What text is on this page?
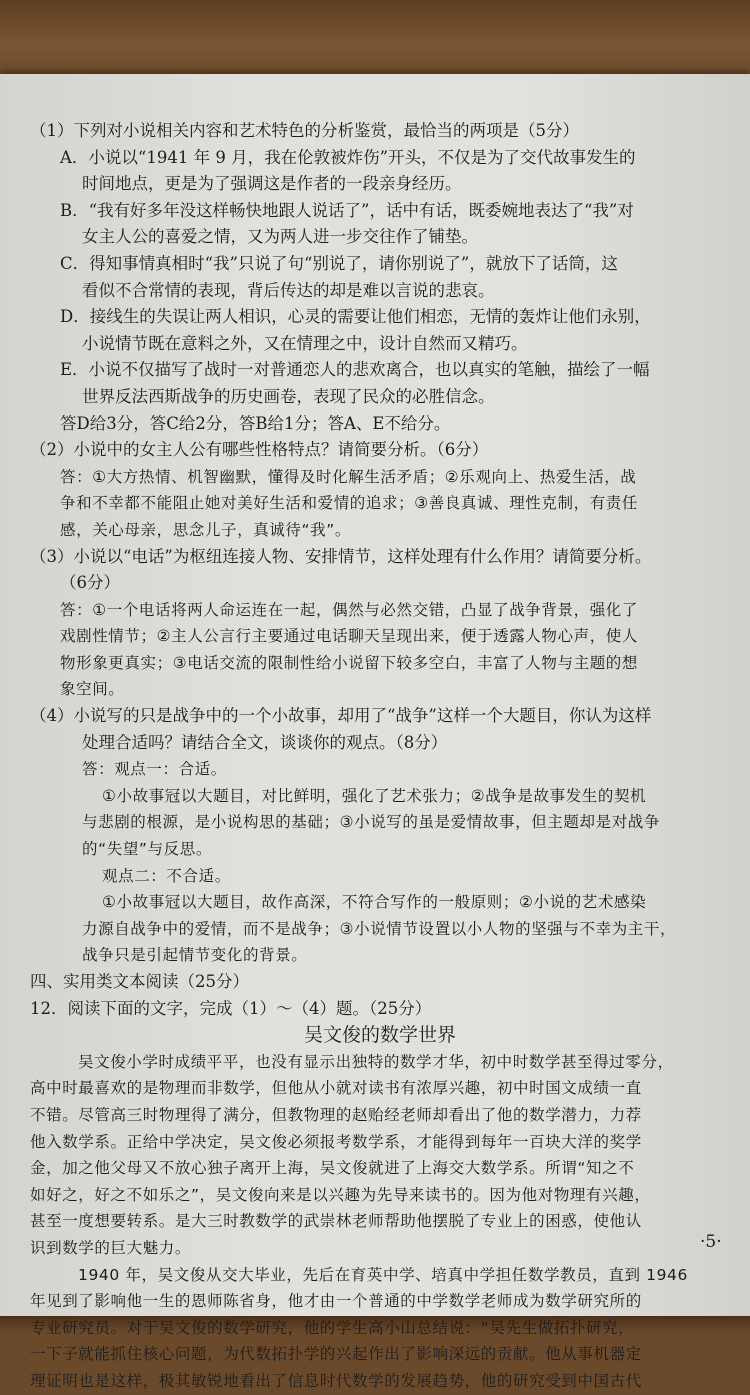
（1）下列对小说相关内容和艺术特色的分析鉴赏，最恰当的两项是（5分）
A．小说以“1941 年 9 月，我在伦敦被炸伤”开头，不仅是为了交代故事发生的
时间地点，更是为了强调这是作者的一段亲身经历。
B．“我有好多年没这样畅快地跟人说话了”，话中有话，既委婉地表达了“我”对
女主人公的喜爱之情，又为两人进一步交往作了铺垫。
C．得知事情真相时“我”只说了句“别说了，请你别说了”，就放下了话筒，这
看似不合常情的表现，背后传达的却是难以言说的悲哀。
D．接线生的失误让两人相识，心灵的需要让他们相恋，无情的轰炸让他们永别，
小说情节既在意料之外，又在情理之中，设计自然而又精巧。
E．小说不仅描写了战时一对普通恋人的悲欢离合，也以真实的笔触，描绘了一幅
世界反法西斯战争的历史画卷，表现了民众的必胜信念。
答D给3分，答C给2分，答B给1分；答A、E不给分。
（2）小说中的女主人公有哪些性格特点？请简要分析。（6分）
答：①大方热情、机智幽默，懂得及时化解生活矛盾；②乐观向上、热爱生活，战
争和不幸都不能阻止她对美好生活和爱情的追求；③善良真诚、理性克制，有责任
感，关心母亲，思念儿子，真诚待“我”。
（3）小说以“电话”为枢纽连接人物、安排情节，这样处理有什么作用？请简要分析。
（6分）
答：①一个电话将两人命运连在一起，偶然与必然交错，凸显了战争背景，强化了
戏剧性情节；②主人公言行主要通过电话聊天呈现出来，便于透露人物心声，使人
物形象更真实；③电话交流的限制性给小说留下较多空白，丰富了人物与主题的想
象空间。
（4）小说写的只是战争中的一个小故事，却用了“战争”这样一个大题目，你认为这样
处理合适吗？请结合全文，谈谈你的观点。（8分）
答：观点一：合适。
①小故事冠以大题目，对比鲜明，强化了艺术张力；②战争是故事发生的契机
与悲剧的根源，是小说构思的基础；③小说写的虽是爱情故事，但主题却是对战争
的“失望”与反思。
观点二：不合适。
①小故事冠以大题目，故作高深，不符合写作的一般原则；②小说的艺术感染
力源自战争中的爱情，而不是战争；③小说情节设置以小人物的坚强与不幸为主干，
战争只是引起情节变化的背景。
四、实用类文本阅读（25分）
12．阅读下面的文字，完成（1）～（4）题。（25分）
吴文俊的数学世界
吴文俊小学时成绩平平，也没有显示出独特的数学才华，初中时数学甚至得过零分，
高中时最喜欢的是物理而非数学，但他从小就对读书有浓厚兴趣，初中时国文成绩一直
不错。尽管高三时物理得了满分，但教物理的赵贻经老师却看出了他的数学潜力，力荐
他入数学系。正给中学决定，吴文俊必须报考数学系，才能得到每年一百块大洋的奖学
金，加之他父母又不放心独子离开上海，吴文俊就进了上海交大数学系。所谓“知之不
如好之，好之不如乐之”，吴文俊向来是以兴趣为先导来读书的。因为他对物理有兴趣，
甚至一度想要转系。是大三时教数学的武崇林老师帮助他摆脱了专业上的困惑，使他认
识到数学的巨大魅力。
1940 年，吴文俊从交大毕业，先后在育英中学、培真中学担任数学教员，直到 1946
年见到了影响他一生的恩师陈省身，他才由一个普通的中学数学老师成为数学研究所的
专业研究员。对于吴文俊的数学研究，他的学生高小山总结说：“吴先生做拓扑研究，
一下子就能抓住核心问题，为代数拓扑学的兴起作出了影响深远的贡献。他从事机器定
理证明也是这样，极其敏锐地看出了信息时代数学的发展趋势，他的研究受到中国古代
·5·
